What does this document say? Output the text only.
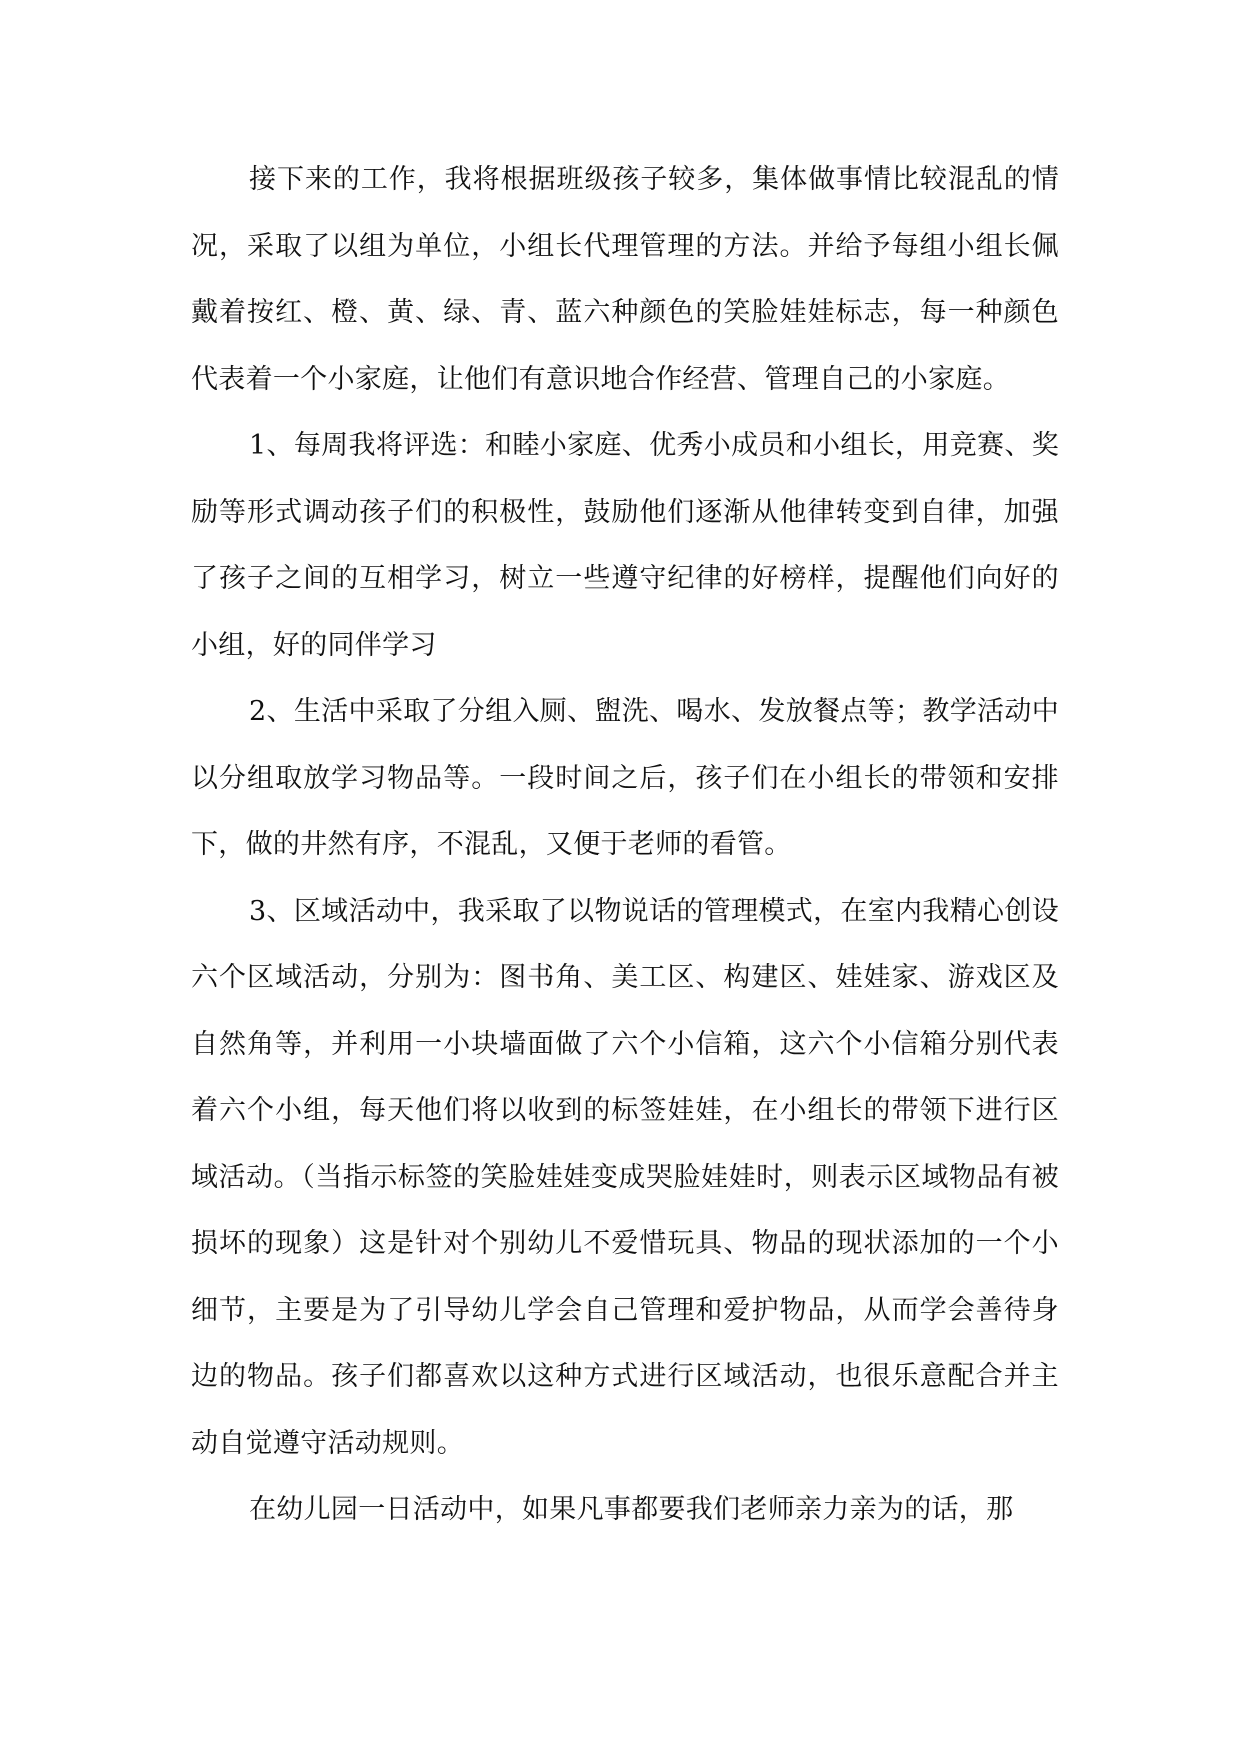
接下来的工作，我将根据班级孩子较多，集体做事情比较混乱的情况，采取了以组为单位，小组长代理管理的方法。并给予每组小组长佩戴着按红、橙、黄、绿、青、蓝六种颜色的笑脸娃娃标志，每一种颜色代表着一个小家庭，让他们有意识地合作经营、管理自己的小家庭。

1、每周我将评选：和睦小家庭、优秀小成员和小组长，用竞赛、奖励等形式调动孩子们的积极性，鼓励他们逐渐从他律转变到自律，加强了孩子之间的互相学习，树立一些遵守纪律的好榜样，提醒他们向好的小组，好的同伴学习

2、生活中采取了分组入厕、盥洗、喝水、发放餐点等；教学活动中以分组取放学习物品等。一段时间之后，孩子们在小组长的带领和安排下，做的井然有序，不混乱，又便于老师的看管。

3、区域活动中，我采取了以物说话的管理模式，在室内我精心创设六个区域活动，分别为：图书角、美工区、构建区、娃娃家、游戏区及自然角等，并利用一小块墙面做了六个小信箱，这六个小信箱分别代表着六个小组，每天他们将以收到的标签娃娃，在小组长的带领下进行区域活动。（当指示标签的笑脸娃娃变成哭脸娃娃时，则表示区域物品有被损坏的现象）这是针对个别幼儿不爱惜玩具、物品的现状添加的一个小细节，主要是为了引导幼儿学会自己管理和爱护物品，从而学会善待身边的物品。孩子们都喜欢以这种方式进行区域活动，也很乐意配合并主动自觉遵守活动规则。

在幼儿园一日活动中，如果凡事都要我们老师亲力亲为的话，那
